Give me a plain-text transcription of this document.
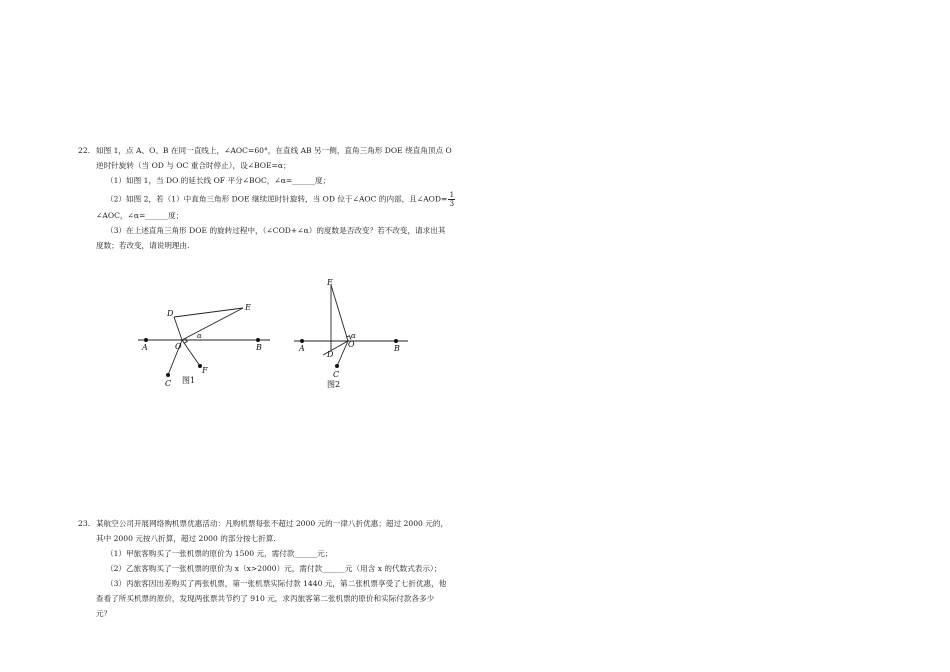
22. 如图 1，点 A、O、B 在同一直线上，∠AOC=60°，在直线 AB 另一侧，直角三角形 DOE 绕直角顶点 O
逆时针旋转（当 OD 与 OC 重合时停止），设∠BOE=α；
（1）如图 1，当 DO 的延长线 OF 平分∠BOC，∠α=______度；
（2）如图 2，若（1）中直角三角形 DOE 继续逆时针旋转，当 OD 位于∠AOC 的内部，且∠AOD= $\frac{1}{3}$
∠AOC，∠α=______度；
（3）在上述直角三角形 DOE 的旋转过程中，（∠COD+∠α）的度数是否改变？若不改变，请求出其
度数；若改变，请说明理由.
A	O	B
C
D
E
F
α
图1
A	O	B
C
D
E
α
图2
23. 某航空公司开展网络购机票优惠活动：凡购机票每张不超过 2000 元的一律八折优惠；超过 2000 元的，
其中 2000 元按八折算，超过 2000 的部分按七折算.
（1）甲旅客购买了一张机票的原价为 1500 元，需付款______元；
（2）乙旅客购买了一张机票的原价为 x（x>2000）元，需付款______元（用含 x 的代数式表示）；
（3）丙旅客因出差购买了两张机票，第一张机票实际付款 1440 元，第二张机票享受了七折优惠，他
查看了所买机票的原价，发现两张票共节约了 910 元，求丙旅客第二张机票的原价和实际付款各多少
元？
